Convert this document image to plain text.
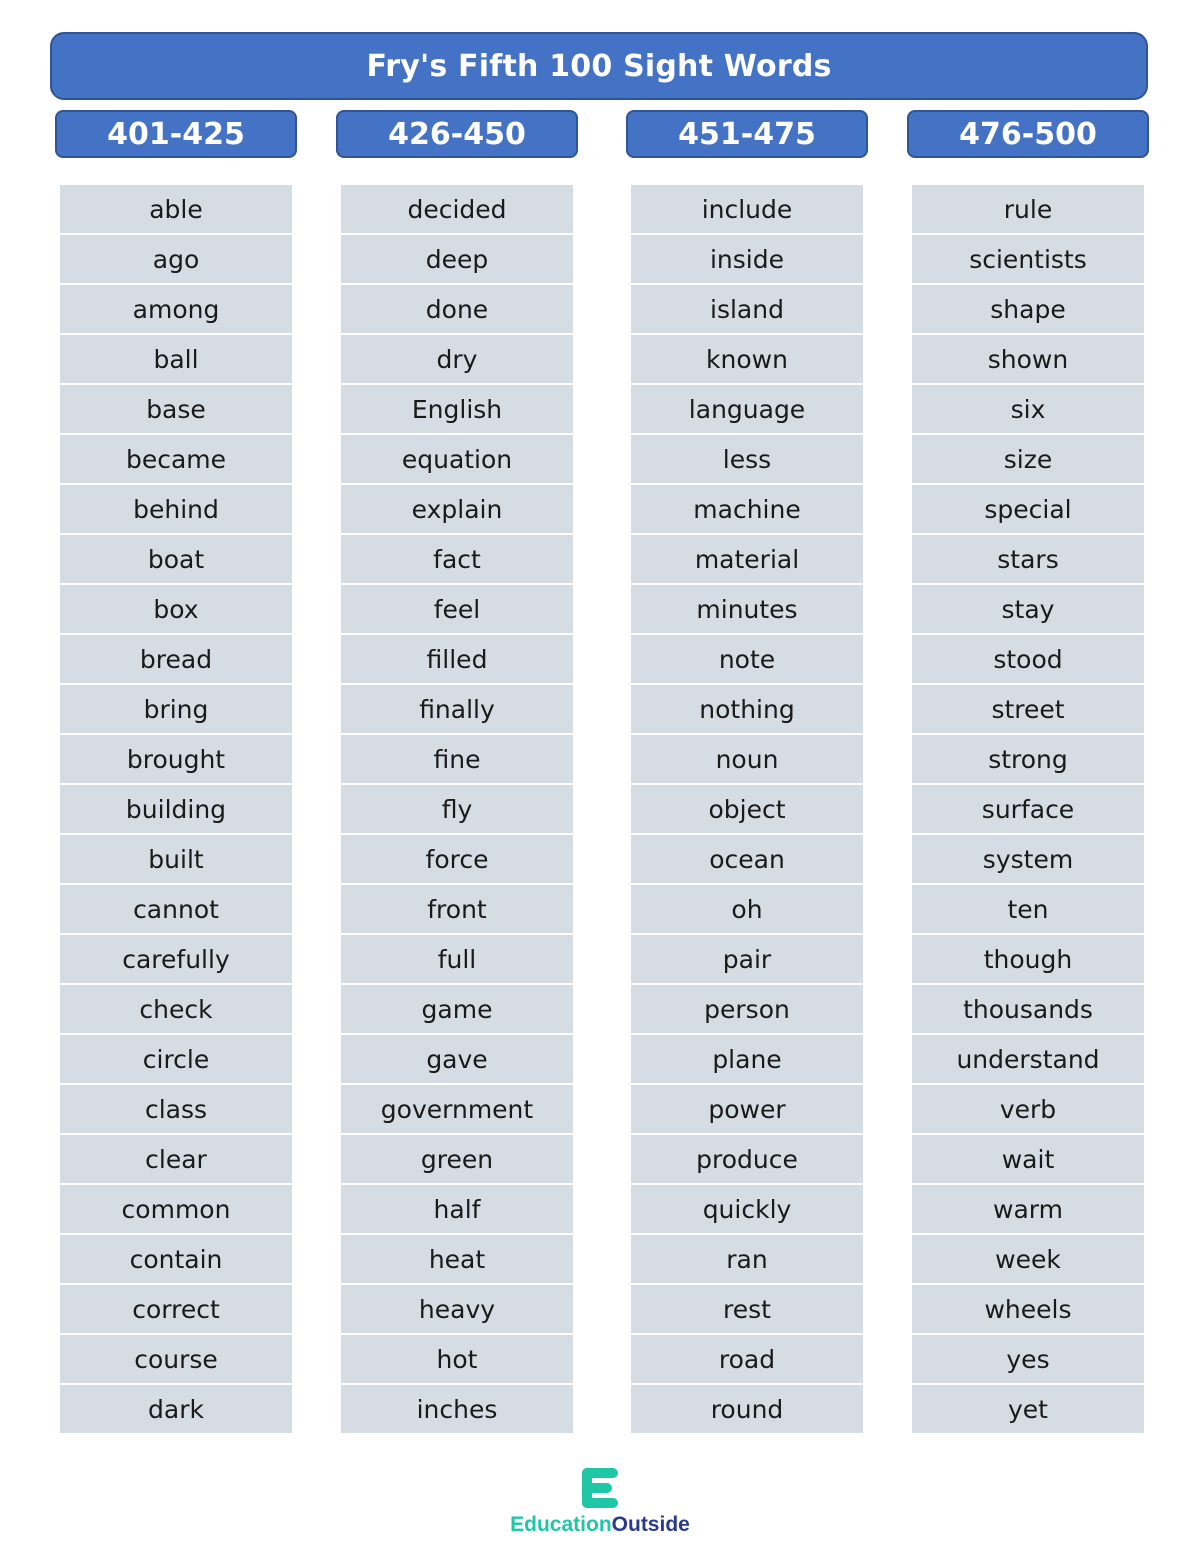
Fry's Fifth 100 Sight Words
401-425
able
ago
among
ball
base
became
behind
boat
box
bread
bring
brought
building
built
cannot
carefully
check
circle
class
clear
common
contain
correct
course
dark
426-450
decided
deep
done
dry
English
equation
explain
fact
feel
filled
finally
fine
fly
force
front
full
game
gave
government
green
half
heat
heavy
hot
inches
451-475
include
inside
island
known
language
less
machine
material
minutes
note
nothing
noun
object
ocean
oh
pair
person
plane
power
produce
quickly
ran
rest
road
round
476-500
rule
scientists
shape
shown
six
size
special
stars
stay
stood
street
strong
surface
system
ten
though
thousands
understand
verb
wait
warm
week
wheels
yes
yet
EducationOutside
